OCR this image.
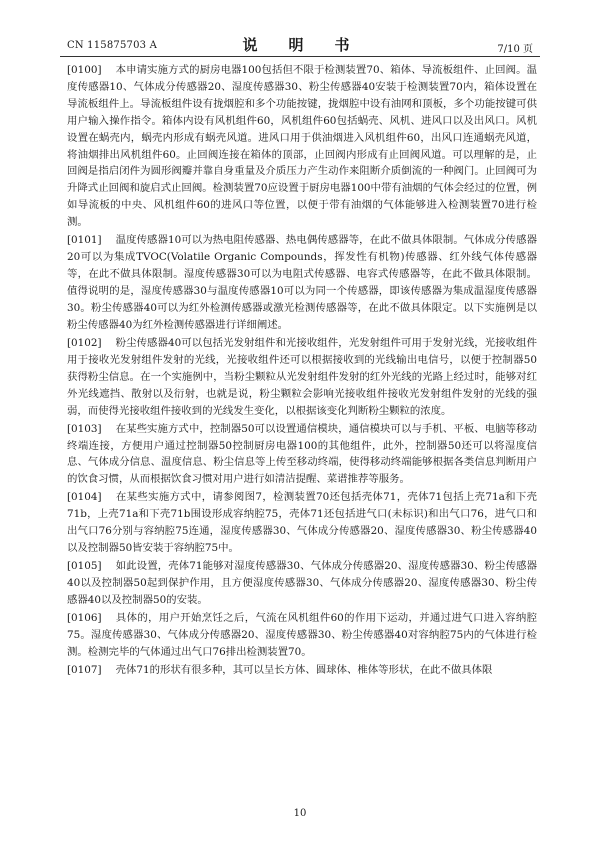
CN 115875703 A	说　明　书	7/10 页

[0100] 本申请实施方式的厨房电器100包括但不限于检测装置70、箱体、导流板组件、止回阀。温度传感器10、气体成分传感器20、湿度传感器30、粉尘传感器40安装于检测装置70内，箱体设置在导流板组件上。导流板组件设有拢烟腔和多个功能按键，拢烟腔中设有油网和顶板，多个功能按键可供用户输入操作指令。箱体内设有风机组件60，风机组件60包括蜗壳、风机、进风口以及出风口。风机设置在蜗壳内，蜗壳内形成有蜗壳风道。进风口用于供油烟进入风机组件60，出风口连通蜗壳风道，将油烟排出风机组件60。止回阀连接在箱体的顶部，止回阀内形成有止回阀风道。可以理解的是，止回阀是指启闭件为圆形阀瓣并靠自身重量及介质压力产生动作来阻断介质倒流的一种阀门。止回阀可为升降式止回阀和旋启式止回阀。检测装置70应设置于厨房电器100中带有油烟的气体会经过的位置，例如导流板的中央、风机组件60的进风口等位置，以便于带有油烟的气体能够进入检测装置70进行检测。

[0101] 温度传感器10可以为热电阻传感器、热电偶传感器等，在此不做具体限制。气体成分传感器20可以为集成TVOC(Volatile Organic Compounds，挥发性有机物)传感器、红外线气体传感器等，在此不做具体限制。湿度传感器30可以为电阻式传感器、电容式传感器等，在此不做具体限制。值得说明的是，湿度传感器30与温度传感器10可以为同一个传感器，即该传感器为集成温湿度传感器30。粉尘传感器40可以为红外检测传感器或激光检测传感器等，在此不做具体限定。以下实施例是以粉尘传感器40为红外检测传感器进行详细阐述。

[0102] 粉尘传感器40可以包括光发射组件和光接收组件，光发射组件可用于发射光线，光接收组件用于接收光发射组件发射的光线，光接收组件还可以根据接收到的光线输出电信号，以便于控制器50获得粉尘信息。在一个实施例中，当粉尘颗粒从光发射组件发射的红外光线的光路上经过时，能够对红外光线遮挡、散射以及衍射，也就是说，粉尘颗粒会影响光接收组件接收光发射组件发射的光线的强弱，而使得光接收组件接收到的光线发生变化，以根据该变化判断粉尘颗粒的浓度。

[0103] 在某些实施方式中，控制器50可以设置通信模块，通信模块可以与手机、平板、电脑等移动终端连接，方便用户通过控制器50控制厨房电器100的其他组件，此外，控制器50还可以将湿度信息、气体成分信息、温度信息、粉尘信息等上传至移动终端，使得移动终端能够根据各类信息判断用户的饮食习惯，从而根据饮食习惯对用户进行如清洁提醒、菜谱推荐等服务。

[0104] 在某些实施方式中，请参阅图7，检测装置70还包括壳体71，壳体71包括上壳71a和下壳71b，上壳71a和下壳71b围设形成容纳腔75，壳体71还包括进气口(未标识)和出气口76，进气口和出气口76分别与容纳腔75连通，湿度传感器30、气体成分传感器20、湿度传感器30、粉尘传感器40以及控制器50皆安装于容纳腔75中。

[0105] 如此设置，壳体71能够对湿度传感器30、气体成分传感器20、湿度传感器30、粉尘传感器40以及控制器50起到保护作用，且方便湿度传感器30、气体成分传感器20、湿度传感器30、粉尘传感器40以及控制器50的安装。

[0106] 具体的，用户开始烹饪之后，气流在风机组件60的作用下运动，并通过进气口进入容纳腔75。湿度传感器30、气体成分传感器20、湿度传感器30、粉尘传感器40对容纳腔75内的气体进行检测。检测完毕的气体通过出气口76排出检测装置70。

[0107] 壳体71的形状有很多种，其可以呈长方体、圆球体、椎体等形状，在此不做具体限

10
